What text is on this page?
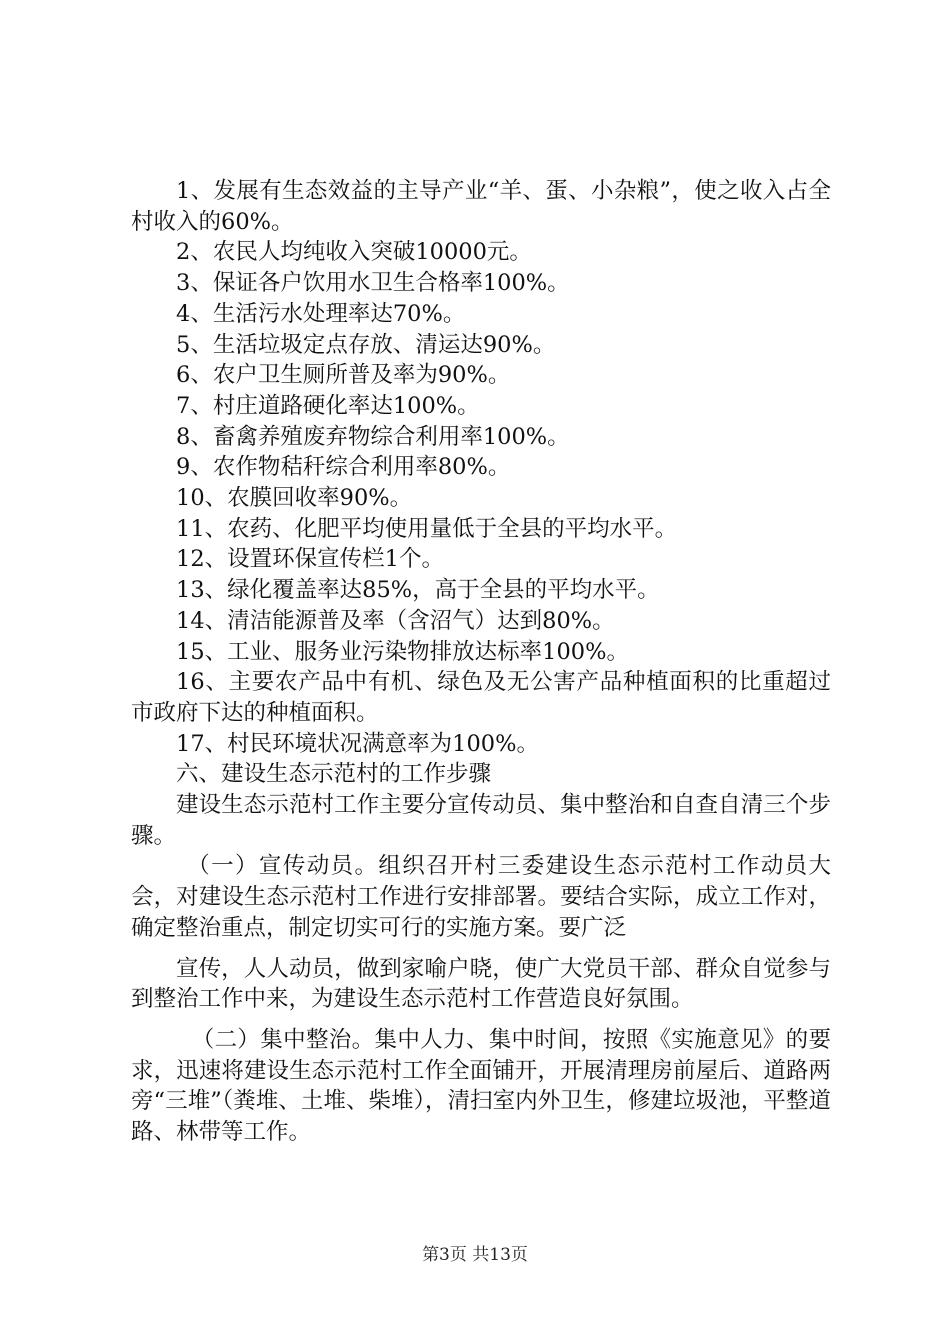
1、发展有生态效益的主导产业“羊、蛋、小杂粮”，使之收入占全村收入的60%。

2、农民人均纯收入突破10000元。

3、保证各户饮用水卫生合格率100%。

4、生活污水处理率达70%。

5、生活垃圾定点存放、清运达90%。

6、农户卫生厕所普及率为90%。

7、村庄道路硬化率达100%。

8、畜禽养殖废弃物综合利用率100%。

9、农作物秸秆综合利用率80%。

10、农膜回收率90%。

11、农药、化肥平均使用量低于全县的平均水平。

12、设置环保宣传栏1个。

13、绿化覆盖率达85%，高于全县的平均水平。

14、清洁能源普及率（含沼气）达到80%。

15、工业、服务业污染物排放达标率100%。

16、主要农产品中有机、绿色及无公害产品种植面积的比重超过市政府下达的种植面积。

17、村民环境状况满意率为100%。

六、建设生态示范村的工作步骤

建设生态示范村工作主要分宣传动员、集中整治和自查自清三个步骤。

（一）宣传动员。组织召开村三委建设生态示范村工作动员大会，对建设生态示范村工作进行安排部署。要结合实际，成立工作对，确定整治重点，制定切实可行的实施方案。要广泛

宣传，人人动员，做到家喻户晓，使广大党员干部、群众自觉参与到整治工作中来，为建设生态示范村工作营造良好氛围。

（二）集中整治。集中人力、集中时间，按照《实施意见》的要求，迅速将建设生态示范村工作全面铺开，开展清理房前屋后、道路两旁“三堆”（粪堆、土堆、柴堆），清扫室内外卫生，修建垃圾池，平整道路、林带等工作。

第3页 共13页
